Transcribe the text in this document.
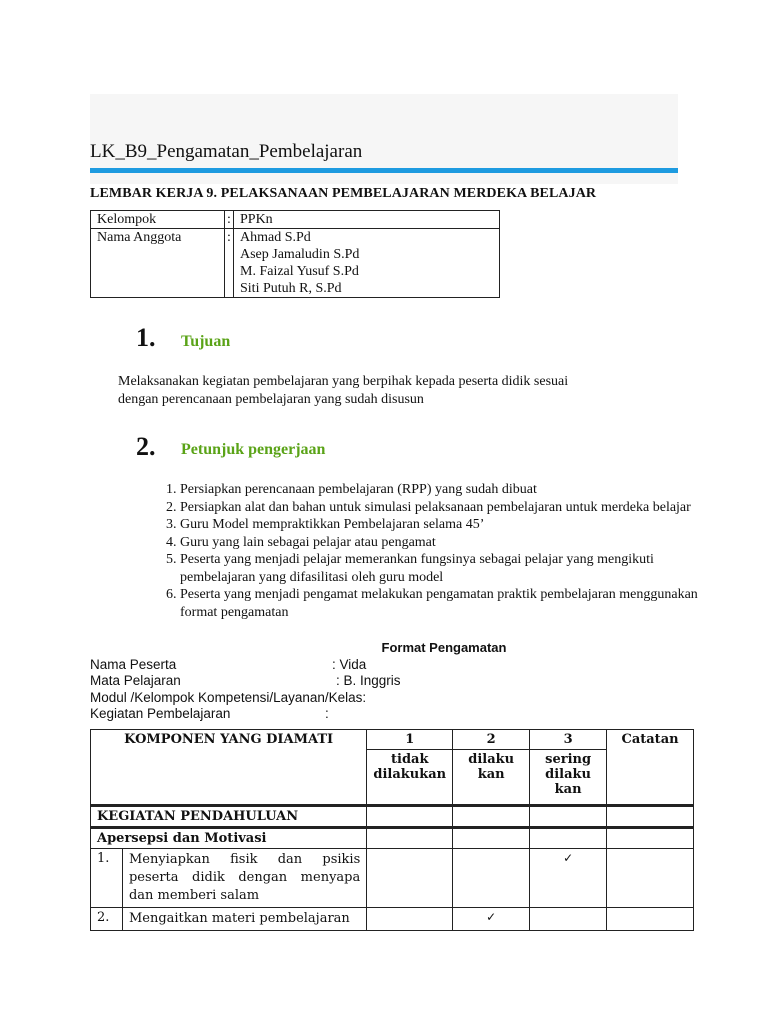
LK_B9_Pengamatan_Pembelajaran
LEMBAR KERJA 9. PELAKSANAAN PEMBELAJARAN MERDEKA BELAJAR
Kelompok	:	PPKn
Nama Anggota	:	Ahmad S.Pd
Asep Jamaludin S.Pd
M. Faizal Yusuf S.Pd
Siti Putuh R, S.Pd
1. Tujuan
Melaksanakan kegiatan pembelajaran yang berpihak kepada peserta didik sesuai
dengan perencanaan pembelajaran yang sudah disusun
2. Petunjuk pengerjaan
1. Persiapkan perencanaan pembelajaran (RPP) yang sudah dibuat
2. Persiapkan alat dan bahan untuk simulasi pelaksanaan pembelajaran untuk merdeka belajar
3. Guru Model mempraktikkan Pembelajaran selama 45’
4. Guru yang lain sebagai pelajar atau pengamat
5. Peserta yang menjadi pelajar memerankan fungsinya sebagai pelajar yang mengikuti pembelajaran yang difasilitasi oleh guru model
6. Peserta yang menjadi pengamat melakukan pengamatan praktik pembelajaran menggunakan format pengamatan
Format Pengamatan
Nama Peserta	: Vida
Mata Pelajaran	: B. Inggris
Modul /Kelompok Kompetensi/Layanan/Kelas:
Kegiatan Pembelajaran	:
KOMPONEN YANG DIAMATI		1	2	3	Catatan
		tidak dilakukan	dilaku kan	sering dilaku kan	
KEGIATAN PENDAHULUAN					
Apersepsi dan Motivasi					
1.	Menyiapkan fisik dan psikis peserta didik dengan menyapa dan memberi salam			✓	
2.	Mengaitkan materi pembelajaran		✓		
